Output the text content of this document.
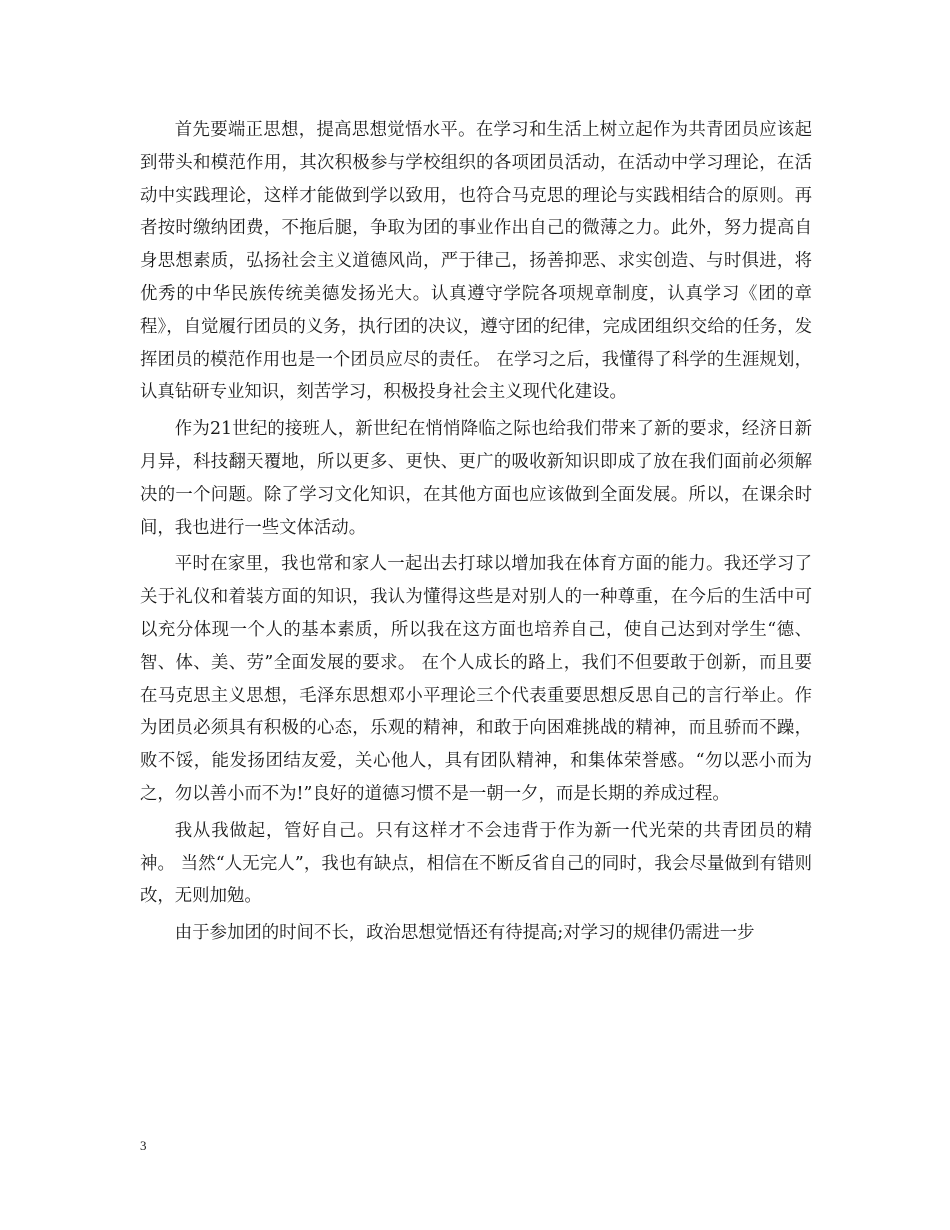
首先要端正思想，提高思想觉悟水平。在学习和生活上树立起作为共青团员应该起到带头和模范作用，其次积极参与学校组织的各项团员活动，在活动中学习理论，在活动中实践理论，这样才能做到学以致用，也符合马克思的理论与实践相结合的原则。再者按时缴纳团费，不拖后腿，争取为团的事业作出自己的微薄之力。此外，努力提高自身思想素质，弘扬社会主义道德风尚，严于律己，扬善抑恶、求实创造、与时俱进，将优秀的中华民族传统美德发扬光大。认真遵守学院各项规章制度，认真学习《团的章程》，自觉履行团员的义务，执行团的决议，遵守团的纪律，完成团组织交给的任务，发挥团员的模范作用也是一个团员应尽的责任。 在学习之后，我懂得了科学的生涯规划，认真钻研专业知识，刻苦学习，积极投身社会主义现代化建设。

作为21世纪的接班人，新世纪在悄悄降临之际也给我们带来了新的要求，经济日新月异，科技翻天覆地，所以更多、更快、更广的吸收新知识即成了放在我们面前必须解决的一个问题。除了学习文化知识，在其他方面也应该做到全面发展。所以，在课余时间，我也进行一些文体活动。

平时在家里，我也常和家人一起出去打球以增加我在体育方面的能力。我还学习了关于礼仪和着装方面的知识，我认为懂得这些是对别人的一种尊重，在今后的生活中可以充分体现一个人的基本素质，所以我在这方面也培养自己，使自己达到对学生“德、智、体、美、劳”全面发展的要求。 在个人成长的路上，我们不但要敢于创新，而且要在马克思主义思想，毛泽东思想邓小平理论三个代表重要思想反思自己的言行举止。作为团员必须具有积极的心态，乐观的精神，和敢于向困难挑战的精神，而且骄而不躁，败不馁，能发扬团结友爱，关心他人，具有团队精神，和集体荣誉感。“勿以恶小而为之，勿以善小而不为!”良好的道德习惯不是一朝一夕，而是长期的养成过程。

我从我做起，管好自己。只有这样才不会违背于作为新一代光荣的共青团员的精神。 当然“人无完人”，我也有缺点，相信在不断反省自己的同时，我会尽量做到有错则改，无则加勉。

由于参加团的时间不长，政治思想觉悟还有待提高;对学习的规律仍需进一步

3
